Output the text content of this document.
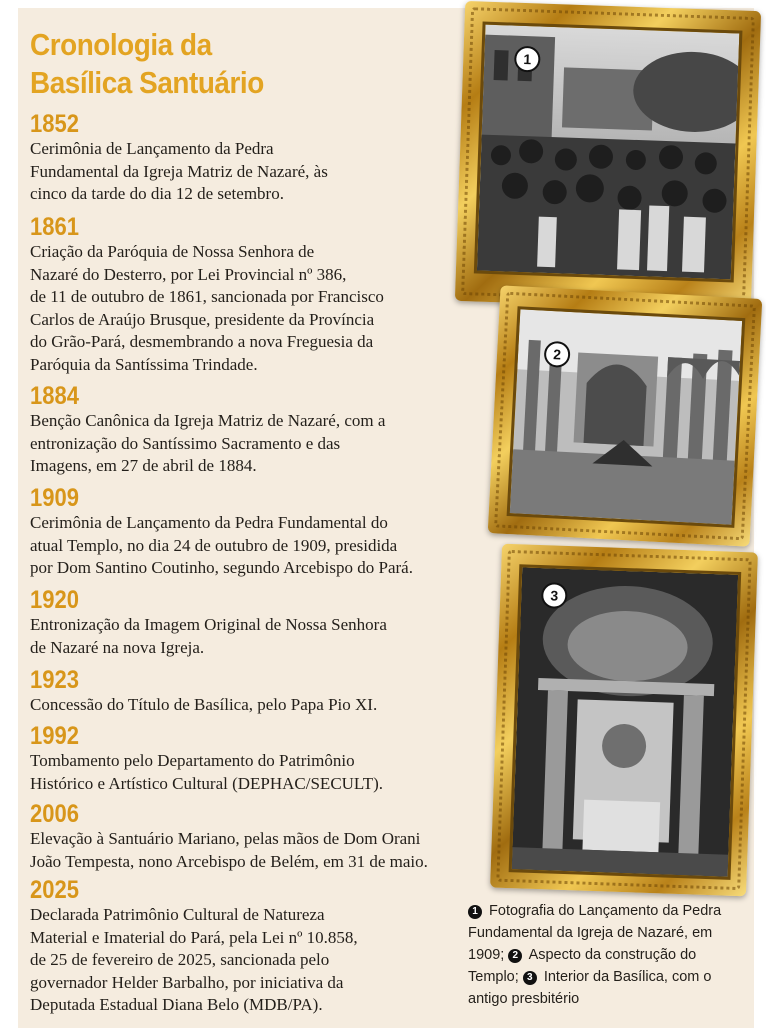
Cronologia da Basílica Santuário
1852
Cerimônia de Lançamento da Pedra
Fundamental da Igreja Matriz de Nazaré, às
cinco da tarde do dia 12 de setembro.
1861
Criação da Paróquia de Nossa Senhora de
Nazaré do Desterro, por Lei Provincial nº 386,
de 11 de outubro de 1861, sancionada por Francisco
Carlos de Araújo Brusque, presidente da Província
do Grão-Pará, desmembrando a nova Freguesia da
Paróquia da Santíssima Trindade.
1884
Benção Canônica da Igreja Matriz de Nazaré, com a
entronização do Santíssimo Sacramento e das
Imagens, em 27 de abril de 1884.
1909
Cerimônia de Lançamento da Pedra Fundamental do
atual Templo, no dia 24 de outubro de 1909, presidida
por Dom Santino Coutinho, segundo Arcebispo do Pará.
1920
Entronização da Imagem Original de Nossa Senhora
de Nazaré na nova Igreja.
1923
Concessão do Título de Basílica, pelo Papa Pio XI.
1992
Tombamento pelo Departamento do Patrimônio
Histórico e Artístico Cultural (DEPHAC/SECULT).
2006
Elevação à Santuário Mariano, pelas mãos de Dom Orani
João Tempesta, nono Arcebispo de Belém, em 31 de maio.
2025
Declarada Patrimônio Cultural de Natureza
Material e Imaterial do Pará, pela Lei nº 10.858,
de 25 de fevereiro de 2025, sancionada pelo
governador Helder Barbalho, por iniciativa da
Deputada Estadual Diana Belo (MDB/PA).
1
2
3
1 Fotografia do Lançamento da Pedra Fundamental da Igreja de Nazaré, em 1909; 2 Aspecto da construção do Templo; 3 Interior da Basílica, com o antigo presbitério
